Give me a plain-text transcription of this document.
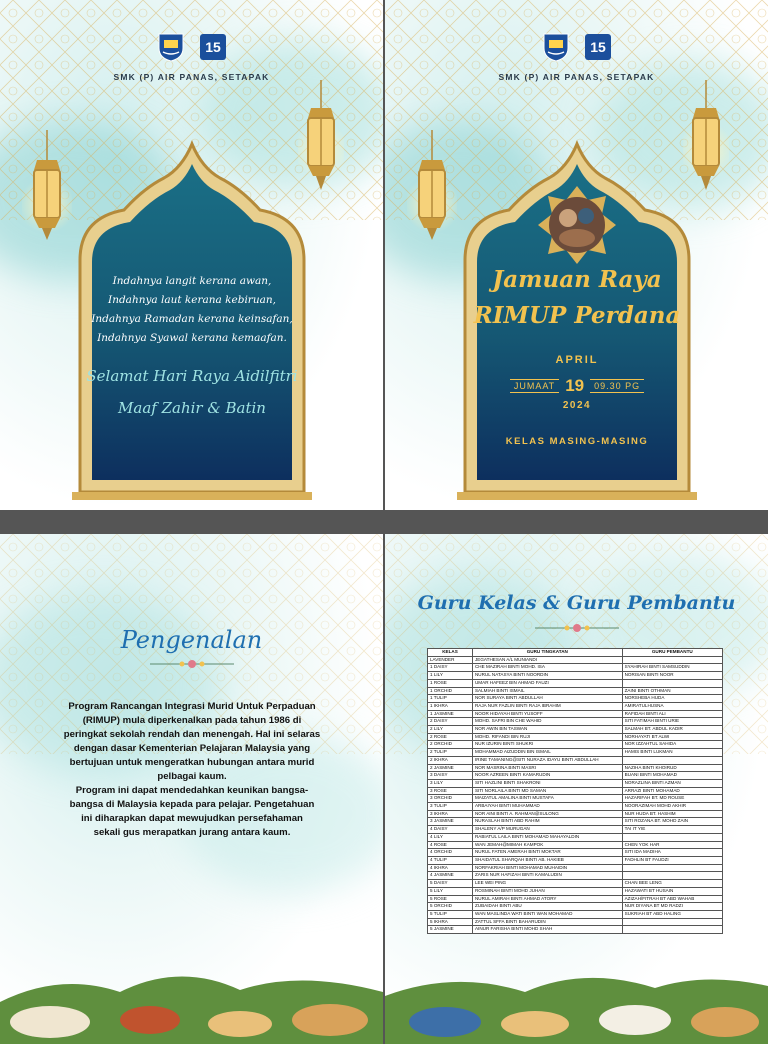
15
SMK (P) AIR PANAS, SETAPAK
Indahnya langit kerana awan,
Indahnya laut kerana kebiruan,
Indahnya Ramadan kerana keinsafan,
Indahnya Syawal kerana kemaafan.
Selamat Hari Raya Aidilfitri
Maaf Zahir & Batin
15
SMK (P) AIR PANAS, SETAPAK
Jamuan Raya
RIMUP Perdana
APRIL
JUMAAT 19	09.30 PG
2024
KELAS MASING-MASING
Pengenalan
Program Rancangan Integrasi Murid Untuk Perpaduan
(RIMUP) mula diperkenalkan pada tahun 1986 di
peringkat sekolah rendah dan menengah. Hal ini selaras
dengan dasar Kementerian Pelajaran Malaysia yang
bertujuan untuk mengeratkan hubungan antara murid
pelbagai kaum.
Program ini dapat mendedahkan keunikan bangsa-
bangsa di Malaysia kepada para pelajar. Pengetahuan
ini diharapkan dapat mewujudkan persefahaman
sekali gus merapatkan jurang antara kaum.
Guru Kelas & Guru Pembantu
KELAS	GURU TINGKATAN	GURU PEMBANTU
LAVENDER	JEGATHESAN A/L MUNIANDI	
1 DAISY	CHE MAZIRAH BINTI MOHD. ISA	SYAHIRAH BINTI SAMSUDDIN
1 LILY	NURUL NATASYA BINTI NOORDIN	NORISAN BINTI NOOR
1 ROSE	UMAR HAFEEZ BIN AHMAD FAUZI	
1 ORCHID	SALMIAH BINTI ISMAIL	ZAINI BINTI OTHMAN
1 TULIP	NOR SURAYA BINTI ABDULLAH	NORSHEBA HUDA
1 IKHRA	RAJA NUR FAZLIN BINTI RAJA IBRAHIM	AMIRATULHUSNA
1 JASMINE	NOOR HIDAYAH BINTI YUSOFF	RAFIDAH BINTI ALI
2 DAISY	MOHD. SAFRI BIN CHE WAHID	SITI FATIMAH BINTI URIE
2 LILY	NOR AWIN BIN TASWAN	SALMAH BT. ABDUL KADIR
2 ROSE	MOHD. RIFANDI BIN RUJI	NORHAYATI BT ALWI
2 ORCHID	NUR IZURIN BINTI SHUKRI	NOR IZZAHTUL SAHIDA
2 TULIP	MOHAMMAD AIZUDDIN BIN ISMAIL	HAMIS BINTI LUKMAN
2 IKHRA	IRINE TAMANING@SITI NURAZA IDAYU BINTI ABDULLAH	
2 JASMINE	NOR MASRINA BINTI MASRI	NAZIHA BINTI KHOIRUD
3 DAISY	NOOR AZREEN BINTI KAMARUDIN	BUANI BINTI MOHAMAD
3 LILY	SITI HAZLINI BINTI SHAKRONI	NORAZLINA BINTI AZMAN
3 ROSE	SITI NORLAILA BINTI MD SAMAN	ARRAZI BINTI MOHAMAD
3 ORCHID	MAIZATUL AMALINA BINTI MUSTAFA	HAZARIFAH BT. MD ROUSE
3 TULIP	ARBAIYAH BINTI MUHAMMAD	NOORAZIMAH MOHD AKHIR
3 IKHRA	NOR AINI BINTI A. RAHMAN@SULONG	NUR HUDA BT. HASHIM
3 JASMINE	NURASLAH BINTI ABD RAHIM	SITI ROZANA BT. MOHD ZAIN
4 DAISY	SHALENY A/P MURUGAN	TAI IT YIE
4 LILY	RABIATUL LAILA BINTI MOHAMAD MAHAYALDIN	
4 ROSE	WAN JEMAH@MIMAH KAMPOK	CHEN YOK HAR
4 ORCHID	NURUL FATEN AMERAH BINTI MOKTAR	SITI IDA MADIHA
4 TULIP	SHAIDATUL SHARQAH BINTI AB. HAKIEB	FADHLIN BT FAUDZI
4 IKHRA	NORFAKRIAH BINTI MOHAMAD MUHAIDIN	
4 JASMINE	ZARIS NUR HAFIZAH BINTI KAMALUDIN	
5 DAISY	LEE WEI PING	CHAN BEE LENG
5 LILY	ROSMINAH BINTI MOHD JUHAN	HAZAWATI BT HUSAIN
5 ROSE	NURUL AMIRAH BINTI AHMAD ATORY	AZIZAH/FITRAH BT ABD WAHAB
5 ORCHID	ZUBAIDAH BINTI ABU	NUR DIYANA BT MD RADZI
5 TULIP	WAN MASLINDA WATI BINTI WAN MOHAMAD	SUKRIAH BT ABD HALING
5 IKHRA	ZATTUL SFFA BINTI BAHARUDIN	
5 JASMINE	AINUR FARISHA BINTI MOHD SHAH	
